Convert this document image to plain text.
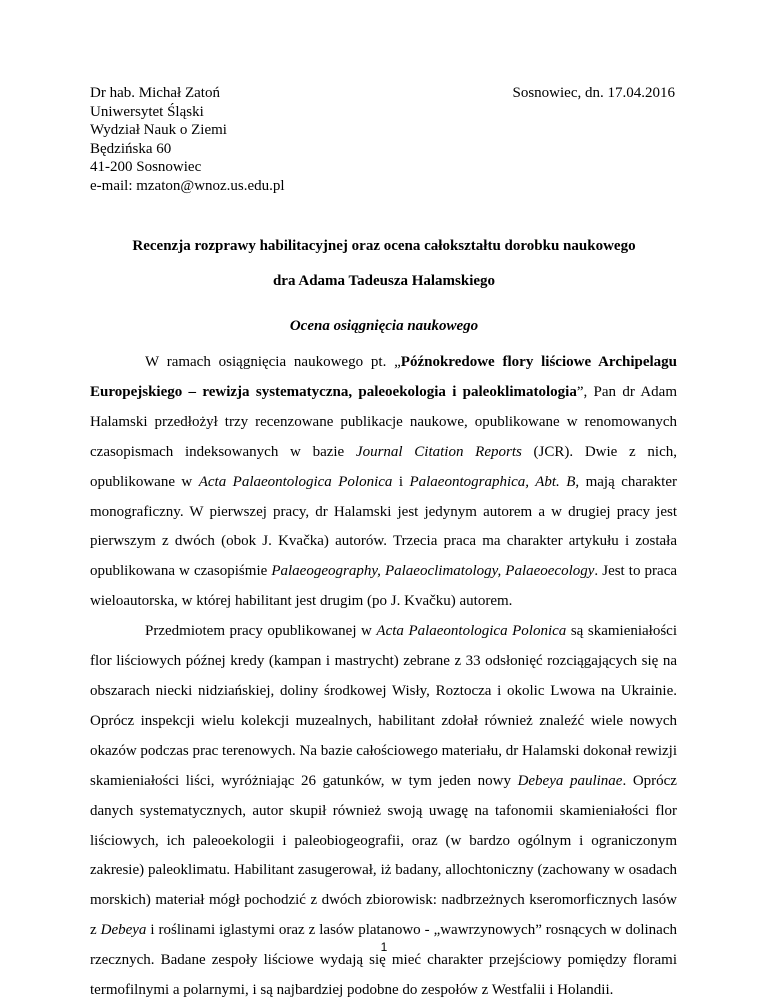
Dr hab. Michał Zatoń
Uniwersytet Śląski
Wydział Nauk o Ziemi
Będzińska 60
41-200 Sosnowiec
e-mail: mzaton@wnoz.us.edu.pl
Sosnowiec, dn. 17.04.2016
Recenzja rozprawy habilitacyjnej oraz ocena całokształtu dorobku naukowego
dra Adama Tadeusza Halamskiego
Ocena osiągnięcia naukowego

W ramach osiągnięcia naukowego pt. „Późnokredowe flory liściowe Archipelagu Europejskiego – rewizja systematyczna, paleoekologia i paleoklimatologia”, Pan dr Adam Halamski przedłożył trzy recenzowane publikacje naukowe, opublikowane w renomowanych czasopismach indeksowanych w bazie Journal Citation Reports (JCR). Dwie z nich, opublikowane w Acta Palaeontologica Polonica i Palaeontographica, Abt. B, mają charakter monograficzny. W pierwszej pracy, dr Halamski jest jedynym autorem a w drugiej pracy jest pierwszym z dwóch (obok J. Kvačka) autorów. Trzecia praca ma charakter artykułu i została opublikowana w czasopiśmie Palaeogeography, Palaeoclimatology, Palaeoecology. Jest to praca wieloautorska, w której habilitant jest drugim (po J. Kvačku) autorem.

Przedmiotem pracy opublikowanej w Acta Palaeontologica Polonica są skamieniałości flor liściowych późnej kredy (kampan i mastrycht) zebrane z 33 odsłonięć rozciągających się na obszarach niecki nidziańskiej, doliny środkowej Wisły, Roztocza i okolic Lwowa na Ukrainie. Oprócz inspekcji wielu kolekcji muzealnych, habilitant zdołał również znaleźć wiele nowych okazów podczas prac terenowych. Na bazie całościowego materiału, dr Halamski dokonał rewizji skamieniałości liści, wyróżniając 26 gatunków, w tym jeden nowy Debeya paulinae. Oprócz danych systematycznych, autor skupił również swoją uwagę na tafonomii skamieniałości flor liściowych, ich paleoekologii i paleobiogeografii, oraz (w bardzo ogólnym i ograniczonym zakresie) paleoklimatu. Habilitant zasugerował, iż badany, allochtoniczny (zachowany w osadach morskich) materiał mógł pochodzić z dwóch zbiorowisk: nadbrzeżnych kseromorficznych lasów z Debeya i roślinami iglastymi oraz z lasów platanowo - „wawrzynowych” rosnących w dolinach rzecznych. Badane zespoły liściowe wydają się mieć charakter przejściowy pomiędzy florami termofilnymi a polarnymi, i są najbardziej podobne do zespołów z Westfalii i Holandii.

1
